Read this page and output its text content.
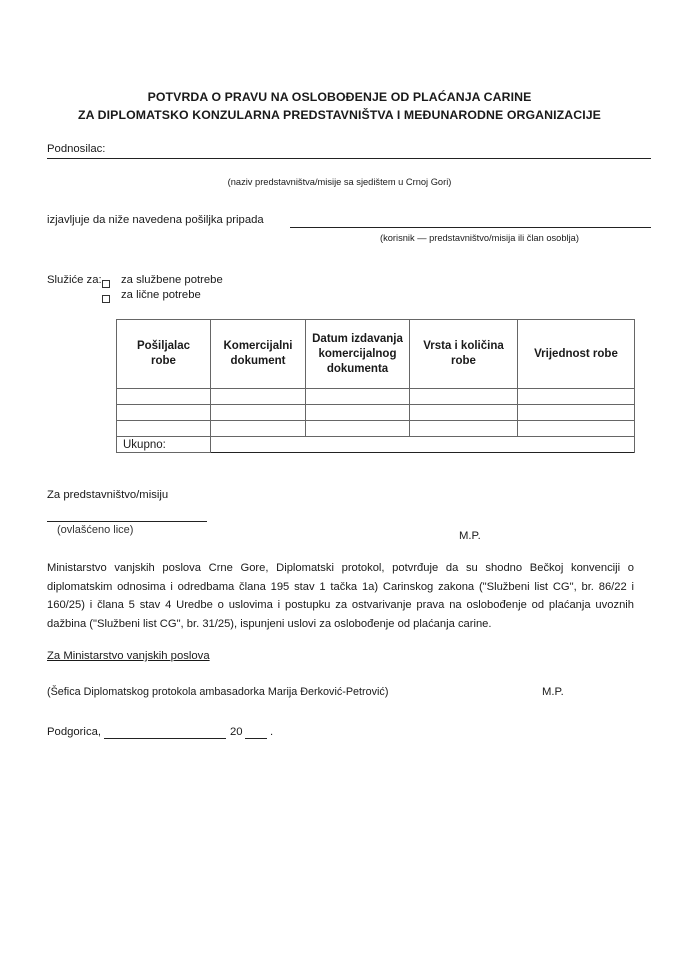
POTVRDA O PRAVU NA OSLOBOĐENJE OD PLAĆANJA CARINE
ZA DIPLOMATSKO KONZULARNA PREDSTAVNIŠTVA I MEĐUNARODNE ORGANIZACIJE
Podnosilac:
(naziv predstavništva/misije sa sjedištem u Crnoj Gori)
izjavljuje da niže navedena pošiljka pripada
(korisnik — predstavništvo/misija ili član osoblja)
Služiće za: za službene potrebe
za lične potrebe
Pošiljalac robe	Komercijalni dokument	Datum izdavanja komercijalnog dokumenta	Vrsta i količina robe	Vrijednost robe

Ukupno:				
Za predstavništvo/misiju
(ovlašćeno lice)	M.P.
Ministarstvo vanjskih poslova Crne Gore, Diplomatski protokol, potvrđuje da su shodno Bečkoj konvenciji o diplomatskim odnosima i odredbama člana 195 stav 1 tačka 1a) Carinskog zakona ("Službeni list CG", br. 86/22 i 160/25) i člana 5 stav 4 Uredbe o uslovima i postupku za ostvarivanje prava na oslobođenje od plaćanja uvoznih dažbina ("Službeni list CG", br. 31/25), ispunjeni uslovi za oslobođenje od plaćanja carine.
Za Ministarstvo vanjskih poslova
(Šefica Diplomatskog protokola ambasadorka Marija Đerković-Petrović)	M.P.
Podgorica,	20 .
